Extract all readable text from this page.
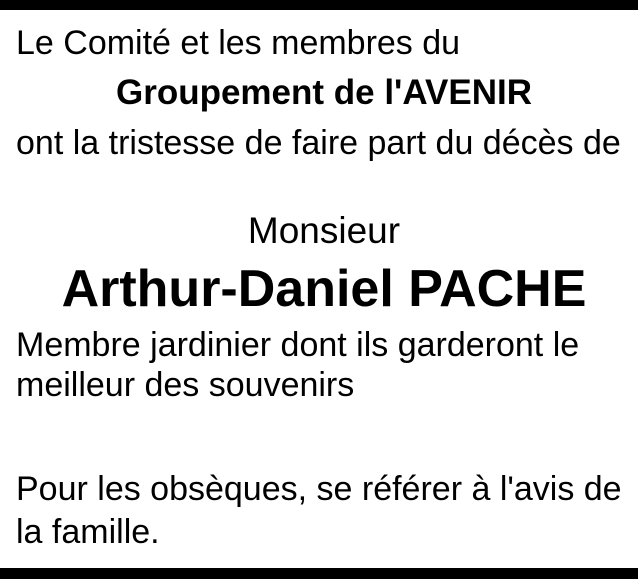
Le Comité et les membres du
Groupement de l'AVENIR
ont la tristesse de faire part du décès de
Monsieur
Arthur-Daniel PACHE
Membre jardinier dont ils garderont le meilleur des souvenirs
Pour les obsèques, se référer à l'avis de la famille.
